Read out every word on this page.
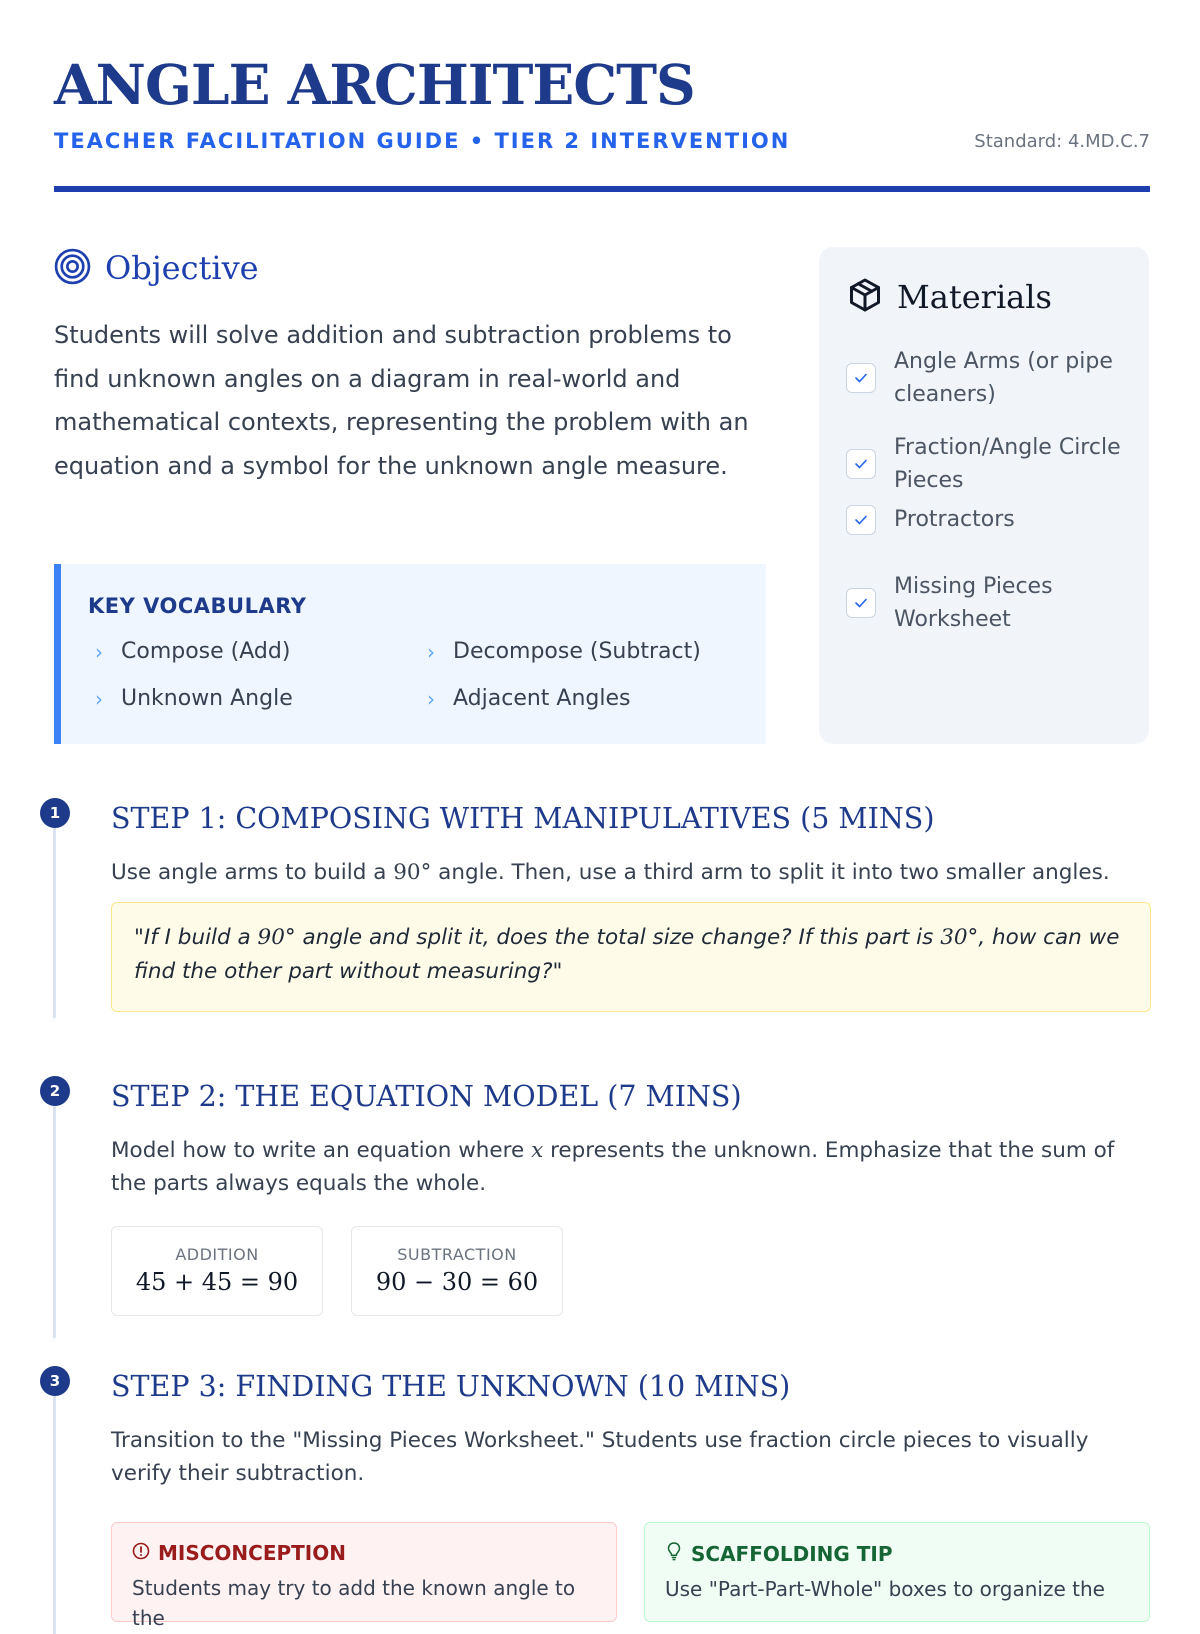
ANGLE ARCHITECTS
TEACHER FACILITATION GUIDE • TIER 2 INTERVENTION	Standard: 4.MD.C.7
Objective
Students will solve addition and subtraction problems to find unknown angles on a diagram in real-world and mathematical contexts, representing the problem with an equation and a symbol for the unknown angle measure.
KEY VOCABULARY
› Compose (Add)	› Decompose (Subtract)
› Unknown Angle	› Adjacent Angles
Materials
Angle Arms (or pipe cleaners)
Fraction/Angle Circle Pieces
Protractors
Missing Pieces Worksheet
1	STEP 1: COMPOSING WITH MANIPULATIVES (5 MINS)
Use angle arms to build a 90° angle. Then, use a third arm to split it into two smaller angles.
"If I build a 90° angle and split it, does the total size change? If this part is 30°, how can we find the other part without measuring?"
2	STEP 2: THE EQUATION MODEL (7 MINS)
Model how to write an equation where x represents the unknown. Emphasize that the sum of the parts always equals the whole.
ADDITION
45 + 45 = 90
SUBTRACTION
90 − 30 = 60
3	STEP 3: FINDING THE UNKNOWN (10 MINS)
Transition to the "Missing Pieces Worksheet." Students use fraction circle pieces to visually verify their subtraction.
MISCONCEPTION
Students may try to add the known angle to the
SCAFFOLDING TIP
Use "Part-Part-Whole" boxes to organize the
